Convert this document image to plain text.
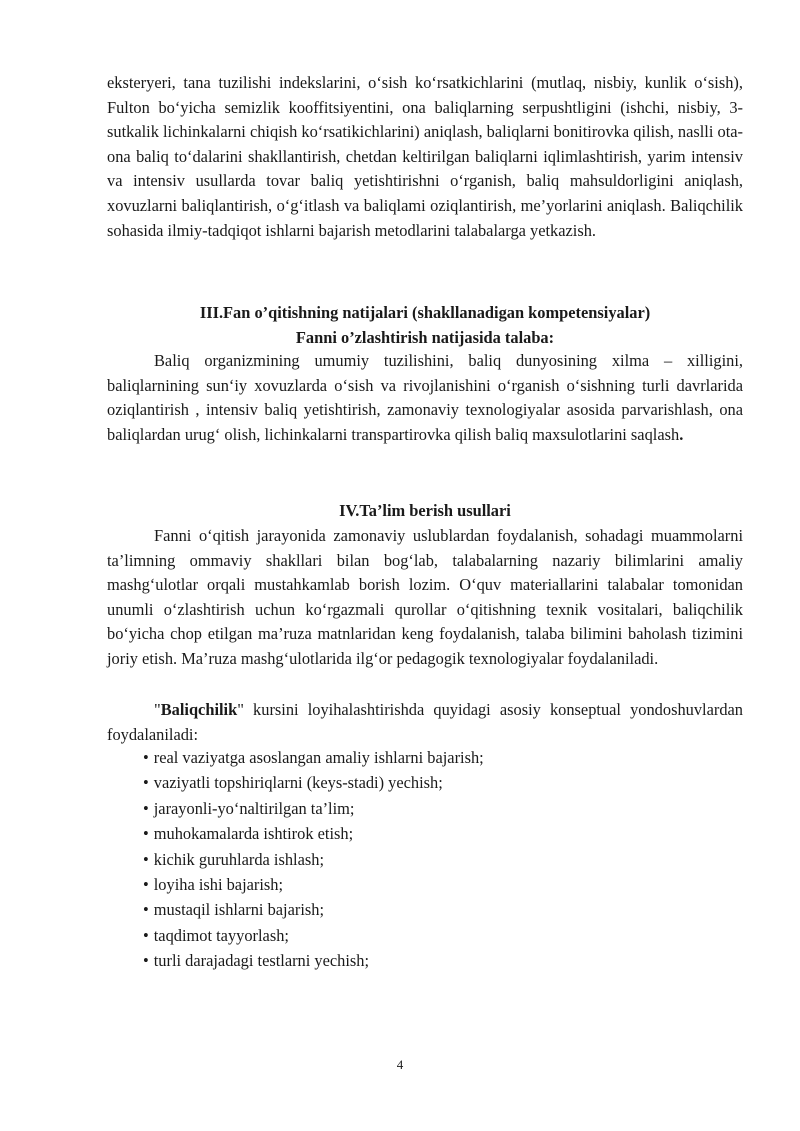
eksteryeri, tana tuzilishi indekslarini, o‘sish ko‘rsatkichlarini (mutlaq, nisbiy, kunlik o‘sish), Fulton bo‘yicha semizlik kooffitsiyentini, ona baliqlarning serpushtligini (ishchi, nisbiy, 3-sutkalik lichinkalarni chiqish ko‘rsatikichlarini) aniqlash, baliqlarni bonitirovka qilish, naslli ota-ona baliq to‘dalarini shakllantirish, chetdan keltirilgan baliqlarni iqlimlashtirish, yarim intensiv va intensiv usullarda tovar baliq yetishtirishni o‘rganish, baliq mahsuldorligini aniqlash, xovuzlarni baliqlantirish, o‘g‘itlash va baliqlami oziqlantirish, me’yorlarini aniqlash. Baliqchilik sohasida ilmiy-tadqiqot ishlarni bajarish metodlarini talabalarga yetkazish.

III.Fan o’qitishning natijalari (shakllanadigan kompetensiyalar)
Fanni o’zlashtirish natijasida talaba:

Baliq organizmining umumiy tuzilishini, baliq dunyosining xilma – xilligini, baliqlarnining sun‘iy xovuzlarda o‘sish va rivojlanishini o‘rganish o‘sishning turli davrlarida oziqlantirish , intensiv baliq yetishtirish, zamonaviy texnologiyalar asosida parvarishlash, ona baliqlardan urug‘ olish, lichinkalarni transpartirovka qilish baliq maxsulotlarini saqlash.

IV.Ta’lim berish usullari

Fanni o‘qitish jarayonida zamonaviy uslublardan foydalanish, sohadagi muammolarni ta’limning ommaviy shakllari bilan bog‘lab, talabalarning nazariy bilimlarini amaliy mashg‘ulotlar orqali mustahkamlab borish lozim. O‘quv materiallarini talabalar tomonidan unumli o‘zlashtirish uchun ko‘rgazmali qurollar o‘qitishning texnik vositalari, baliqchilik bo‘yicha chop etilgan ma’ruza matnlaridan keng foydalanish, talaba bilimini baholash tizimini joriy etish. Ma’ruza mashg‘ulotlarida ilg‘or pedagogik texnologiyalar foydalaniladi.

"Baliqchilik" kursini loyihalashtirishda quyidagi asosiy konseptual yondoshuvlardan foydalaniladi:

• real vaziyatga asoslangan amaliy ishlarni bajarish;
• vaziyatli topshiriqlarni (keys-stadi) yechish;
• jarayonli-yo‘naltirilgan ta’lim;
• muhokamalarda ishtirok etish;
• kichik guruhlarda ishlash;
• loyiha ishi bajarish;
• mustaqil ishlarni bajarish;
• taqdimot tayyorlash;
• turli darajadagi testlarni yechish;
4
